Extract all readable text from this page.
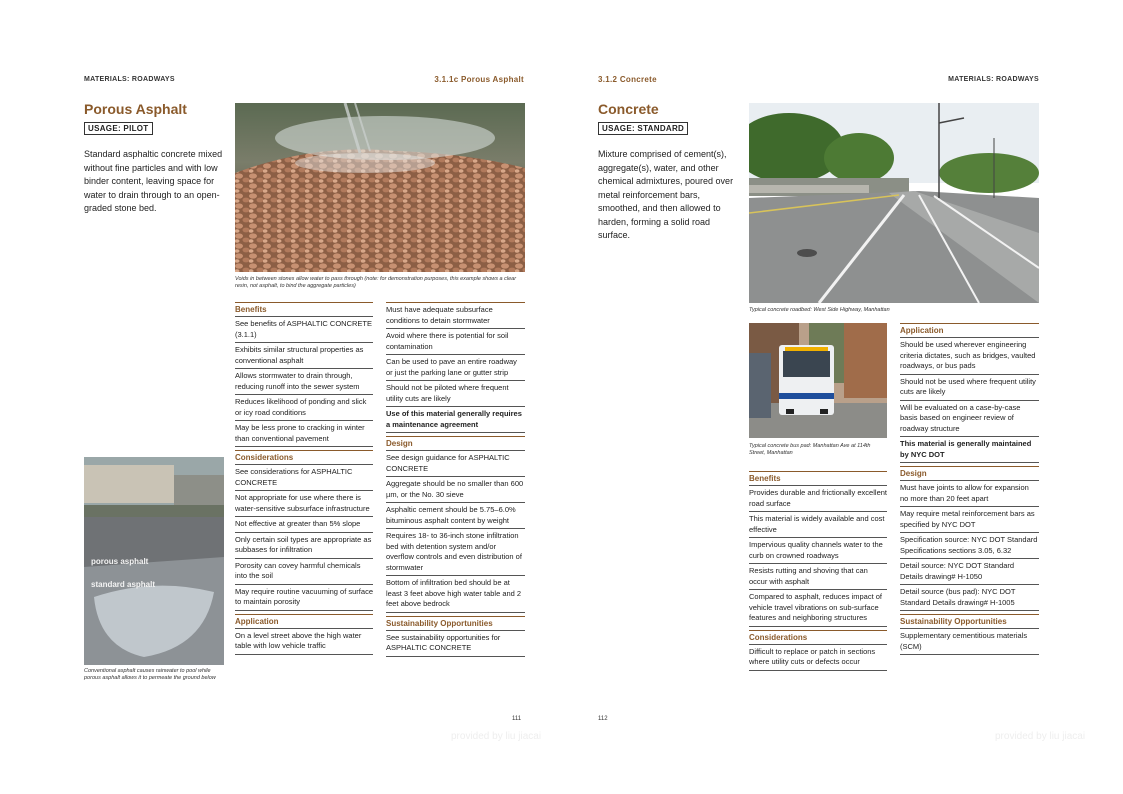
MATERIALS: ROADWAYS	3.1.1c Porous Asphalt
Porous Asphalt
USAGE: PILOT
Standard asphaltic concrete mixed without fine particles and with low binder content, leaving space for water to drain through to an open-graded stone bed.
Voids in between stones allow water to pass through (note: for demonstration purposes, this example shows a clear resin, not asphalt, to bind the aggregate particles)
porous asphalt
standard asphalt
Conventional asphalt causes rainwater to pool while porous asphalt allows it to permeate the ground below
Benefits
See benefits of ASPHALTIC CONCRETE (3.1.1)
Exhibits similar structural properties as conventional asphalt
Allows stormwater to drain through, reducing runoff into the sewer system
Reduces likelihood of ponding and slick or icy road conditions
May be less prone to cracking in winter than conventional pavement
Considerations
See considerations for ASPHALTIC CONCRETE
Not appropriate for use where there is water-sensitive subsurface infrastructure
Not effective at greater than 5% slope
Only certain soil types are appropriate as subbases for infiltration
Porosity can covey harmful chemicals into the soil
May require routine vacuuming of surface to maintain porosity
Application
On a level street above the high water table with low vehicle traffic
Must have adequate subsurface conditions to detain stormwater
Avoid where there is potential for soil contamination
Can be used to pave an entire roadway or just the parking lane or gutter strip
Should not be piloted where frequent utility cuts are likely
Use of this material generally requires a maintenance agreement
Design
See design guidance for ASPHALTIC CONCRETE
Aggregate should be no smaller than 600 µm, or the No. 30 sieve
Asphaltic cement should be 5.75–6.0% bituminous asphalt content by weight
Requires 18- to 36-inch stone infiltration bed with detention system and/or overflow controls and even distribution of stormwater
Bottom of infiltration bed should be at least 3 feet above high water table and 2 feet above bedrock
Sustainability Opportunities
See sustainability opportunities for ASPHALTIC CONCRETE
111
provided by liu jiacai
3.1.2 Concrete	MATERIALS: ROADWAYS
Concrete
USAGE: STANDARD
Mixture comprised of cement(s), aggregate(s), water, and other chemical admixtures, poured over metal reinforcement bars, smoothed, and then allowed to harden, forming a solid road surface.
Typical concrete roadbed: West Side Highway, Manhattan
Typical concrete bus pad: Manhattan Ave at 114th Street, Manhattan
Benefits
Provides durable and frictionally excellent road surface
This material is widely available and cost effective
Impervious quality channels water to the curb on crowned roadways
Resists rutting and shoving that can occur with asphalt
Compared to asphalt, reduces impact of vehicle travel vibrations on sub-surface features and neighboring structures
Considerations
Difficult to replace or patch in sections where utility cuts or defects occur
Application
Should be used wherever engineering criteria dictates, such as bridges, vaulted roadways, or bus pads
Should not be used where frequent utility cuts are likely
Will be evaluated on a case-by-case basis based on engineer review of roadway structure
This material is generally maintained by NYC DOT
Design
Must have joints to allow for expansion no more than 20 feet apart
May require metal reinforcement bars as specified by NYC DOT
Specification source: NYC DOT Standard Specifications sections 3.05, 6.32
Detail source: NYC DOT Standard Details drawing# H-1050
Detail source (bus pad): NYC DOT Standard Details drawing# H-1005
Sustainability Opportunities
Supplementary cementitious materials (SCM)
112
provided by liu jiacai
